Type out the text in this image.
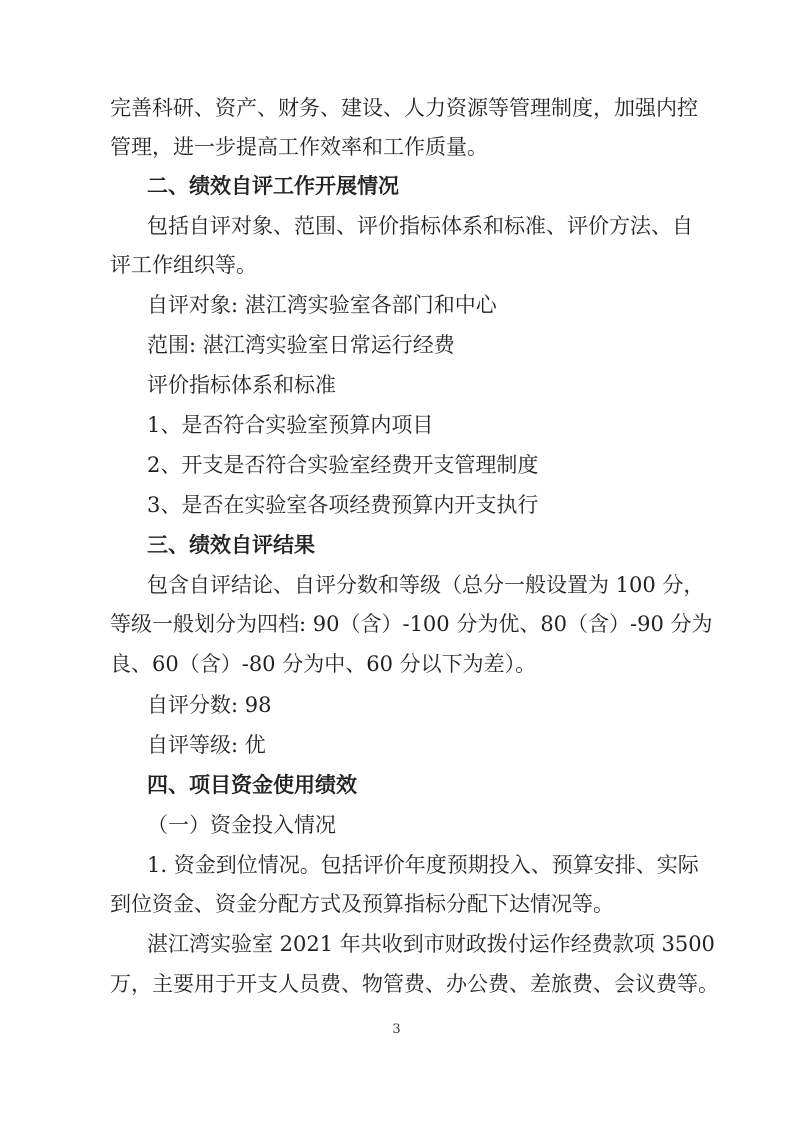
完善科研、资产、财务、建设、人力资源等管理制度，加强内控
管理，进一步提高工作效率和工作质量。
二、绩效自评工作开展情况
包括自评对象、范围、评价指标体系和标准、评价方法、自
评工作组织等。
自评对象: 湛江湾实验室各部门和中心
范围: 湛江湾实验室日常运行经费
评价指标体系和标准
1、是否符合实验室预算内项目
2、开支是否符合实验室经费开支管理制度
3、是否在实验室各项经费预算内开支执行
三、绩效自评结果
包含自评结论、自评分数和等级（总分一般设置为 100 分，
等级一般划分为四档: 90（含）-100 分为优、80（含）-90 分为
良、60（含）-80 分为中、60 分以下为差）。
自评分数: 98
自评等级: 优
四、项目资金使用绩效
（一）资金投入情况
1. 资金到位情况。包括评价年度预期投入、预算安排、实际
到位资金、资金分配方式及预算指标分配下达情况等。
湛江湾实验室 2021 年共收到市财政拨付运作经费款项 3500
万，主要用于开支人员费、物管费、办公费、差旅费、会议费等。
3
